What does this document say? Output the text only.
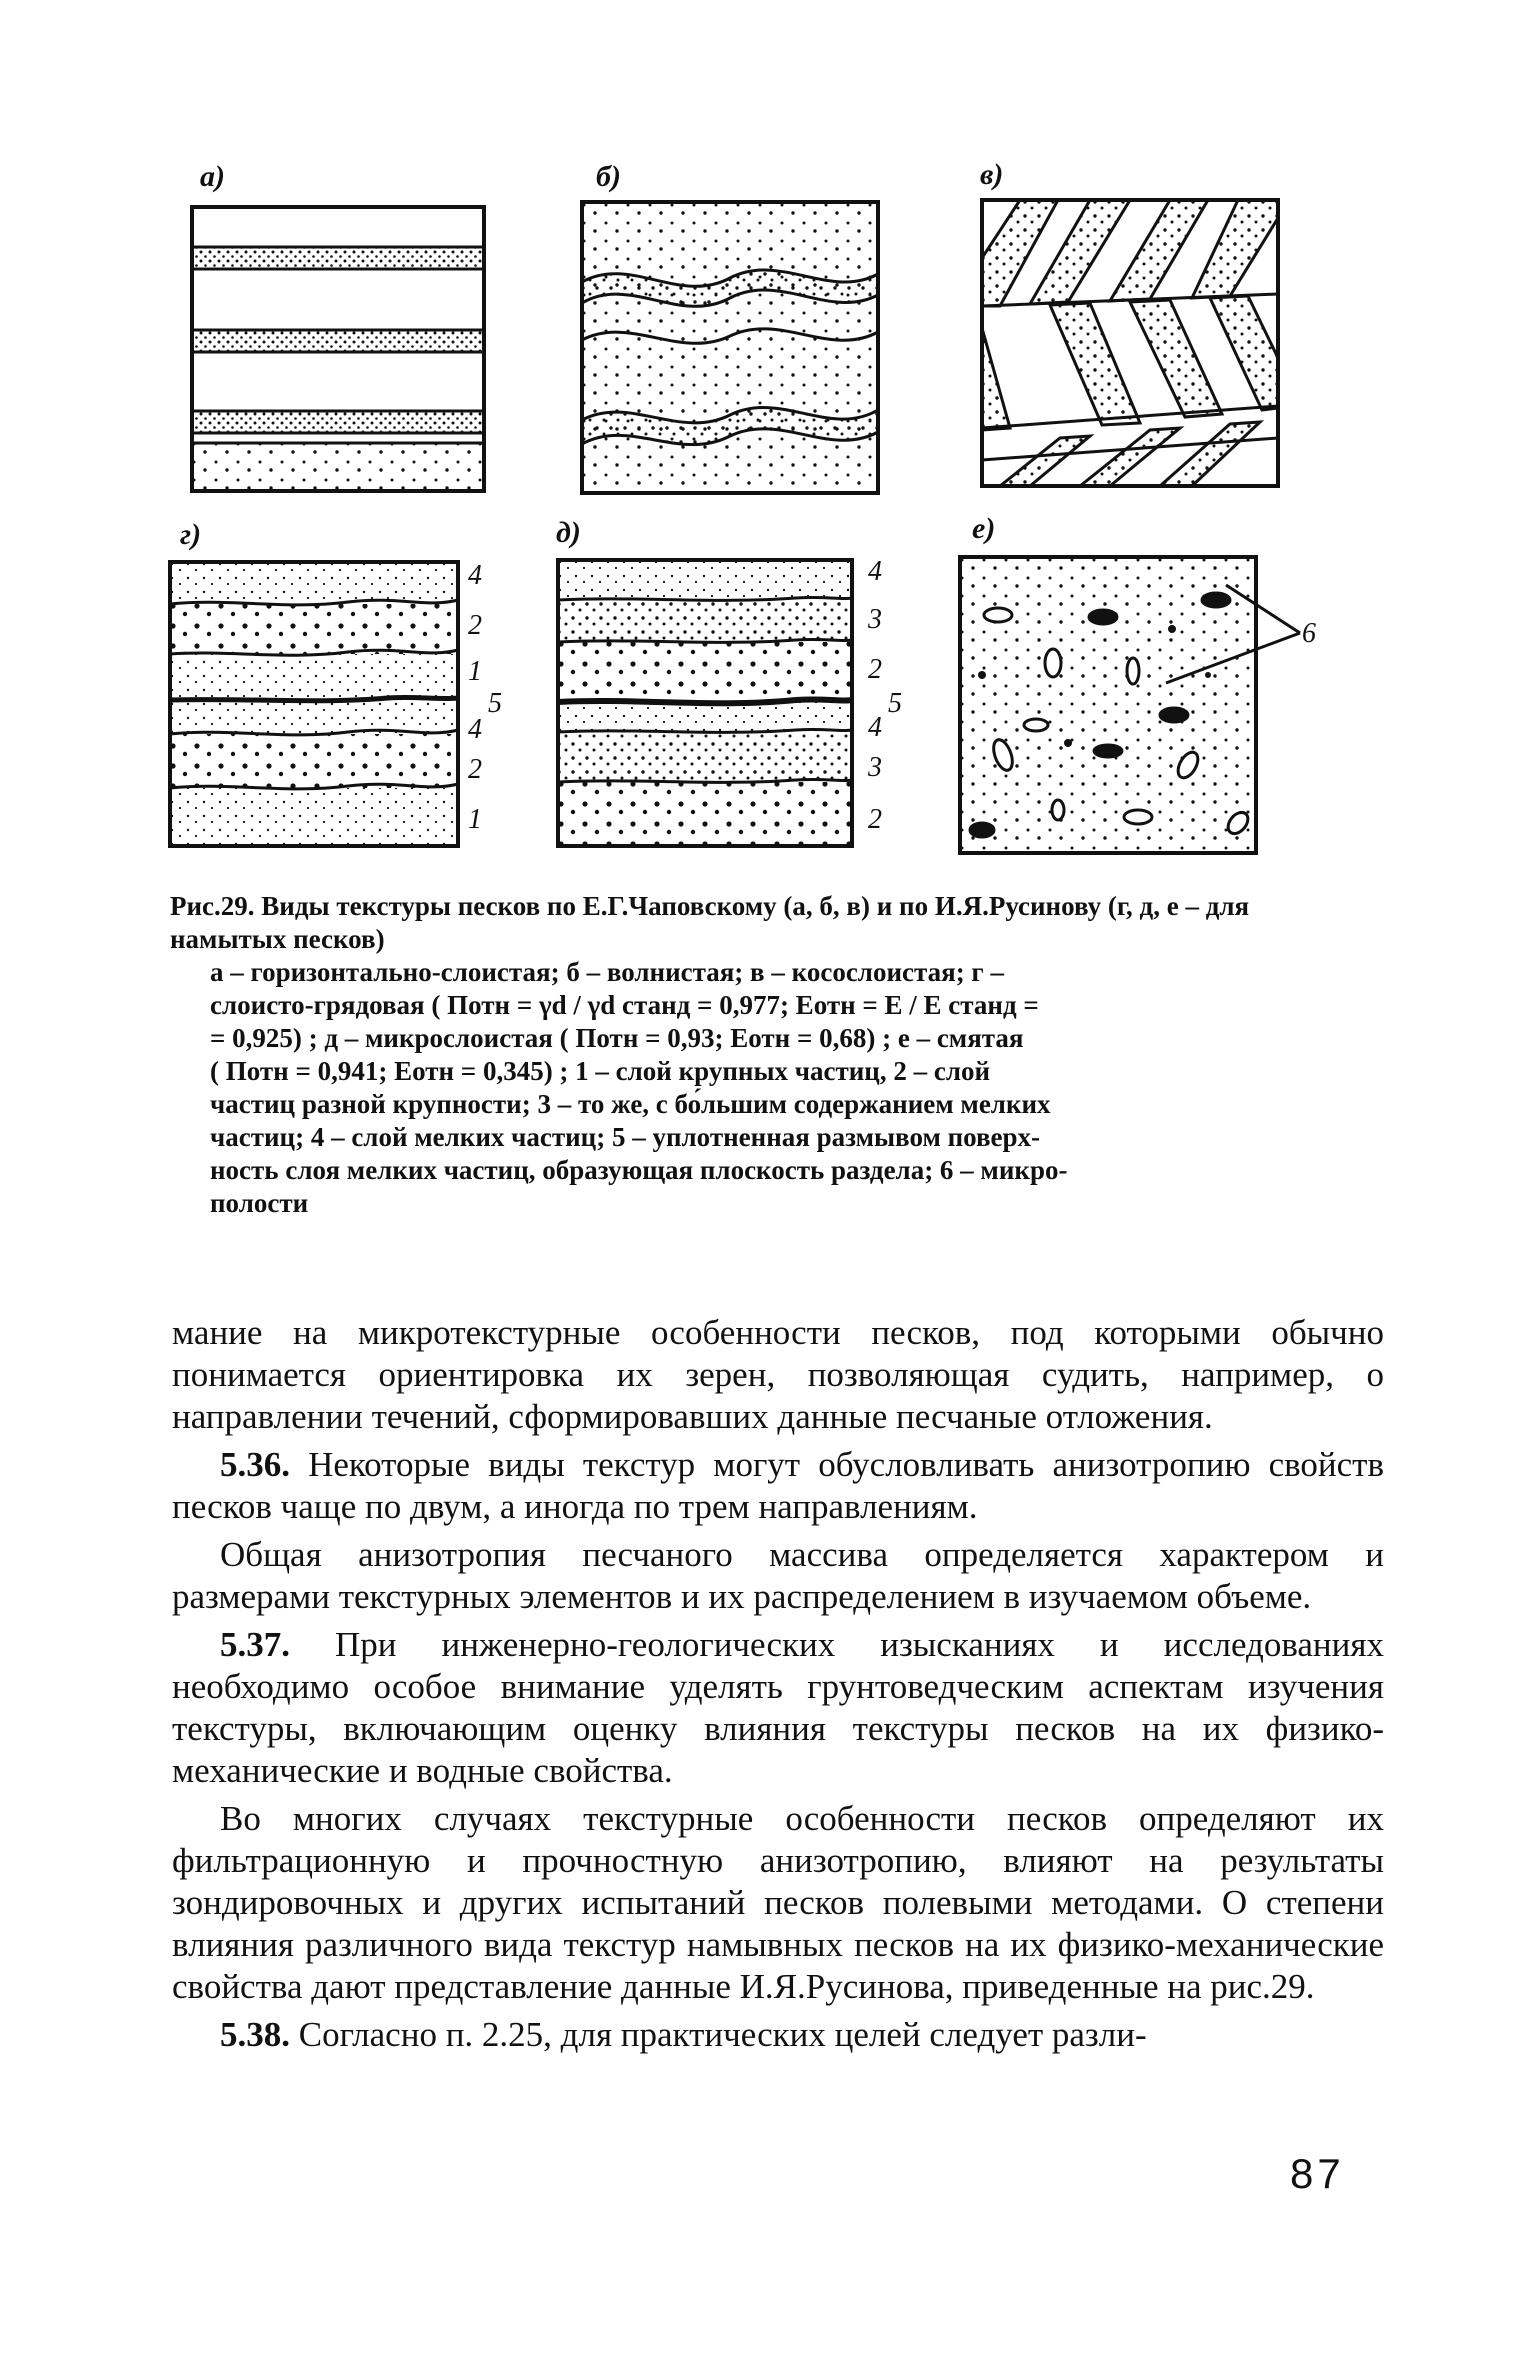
а)	б)	в)
г)	д)	е)
4
2
1
5
4
2
1
4
3
2
5
4
3
2
6
Рис.29. Виды текстуры песков по Е.Г.Чаповскому (а, б, в) и по И.Я.Русинову (г, д, е – для намытых песков)
а – горизонтально-слоистая; б – волнистая; в – косослоистая; г –
слоисто-грядовая ( Потн = γd / γd станд = 0,977; Еотн = Е / Е станд =
= 0,925) ; д – микрослоистая ( Потн = 0,93; Еотн = 0,68) ; е – смятая
( Потн = 0,941; Еотн = 0,345) ; 1 – слой крупных частиц, 2 – слой
частиц разной крупности; 3 – то же, с бо́льшим содержанием мелких
частиц; 4 – слой мелких частиц; 5 – уплотненная размывом поверх-
ность слоя мелких частиц, образующая плоскость раздела; 6 – микро-
полости

мание на микротекстурные особенности песков, под которыми обычно понимается ориентировка их зерен, позволяющая судить, например, о направлении течений, сформировавших данные песчаные отложения.

5.36. Некоторые виды текстур могут обусловливать анизотропию свойств песков чаще по двум, а иногда по трем направлениям.

Общая анизотропия песчаного массива определяется характером и размерами текстурных элементов и их распределением в изучаемом объеме.

5.37. При инженерно-геологических изысканиях и исследованиях необходимо особое внимание уделять грунтоведческим аспектам изучения текстуры, включающим оценку влияния текстуры песков на их физико-механические и водные свойства.

Во многих случаях текстурные особенности песков определяют их фильтрационную и прочностную анизотропию, влияют на результаты зондировочных и других испытаний песков полевыми методами. О степени влияния различного вида текстур намывных песков на их физико-механические свойства дают представление данные И.Я.Русинова, приведенные на рис.29.

5.38. Согласно п. 2.25, для практических целей следует разли-

87
